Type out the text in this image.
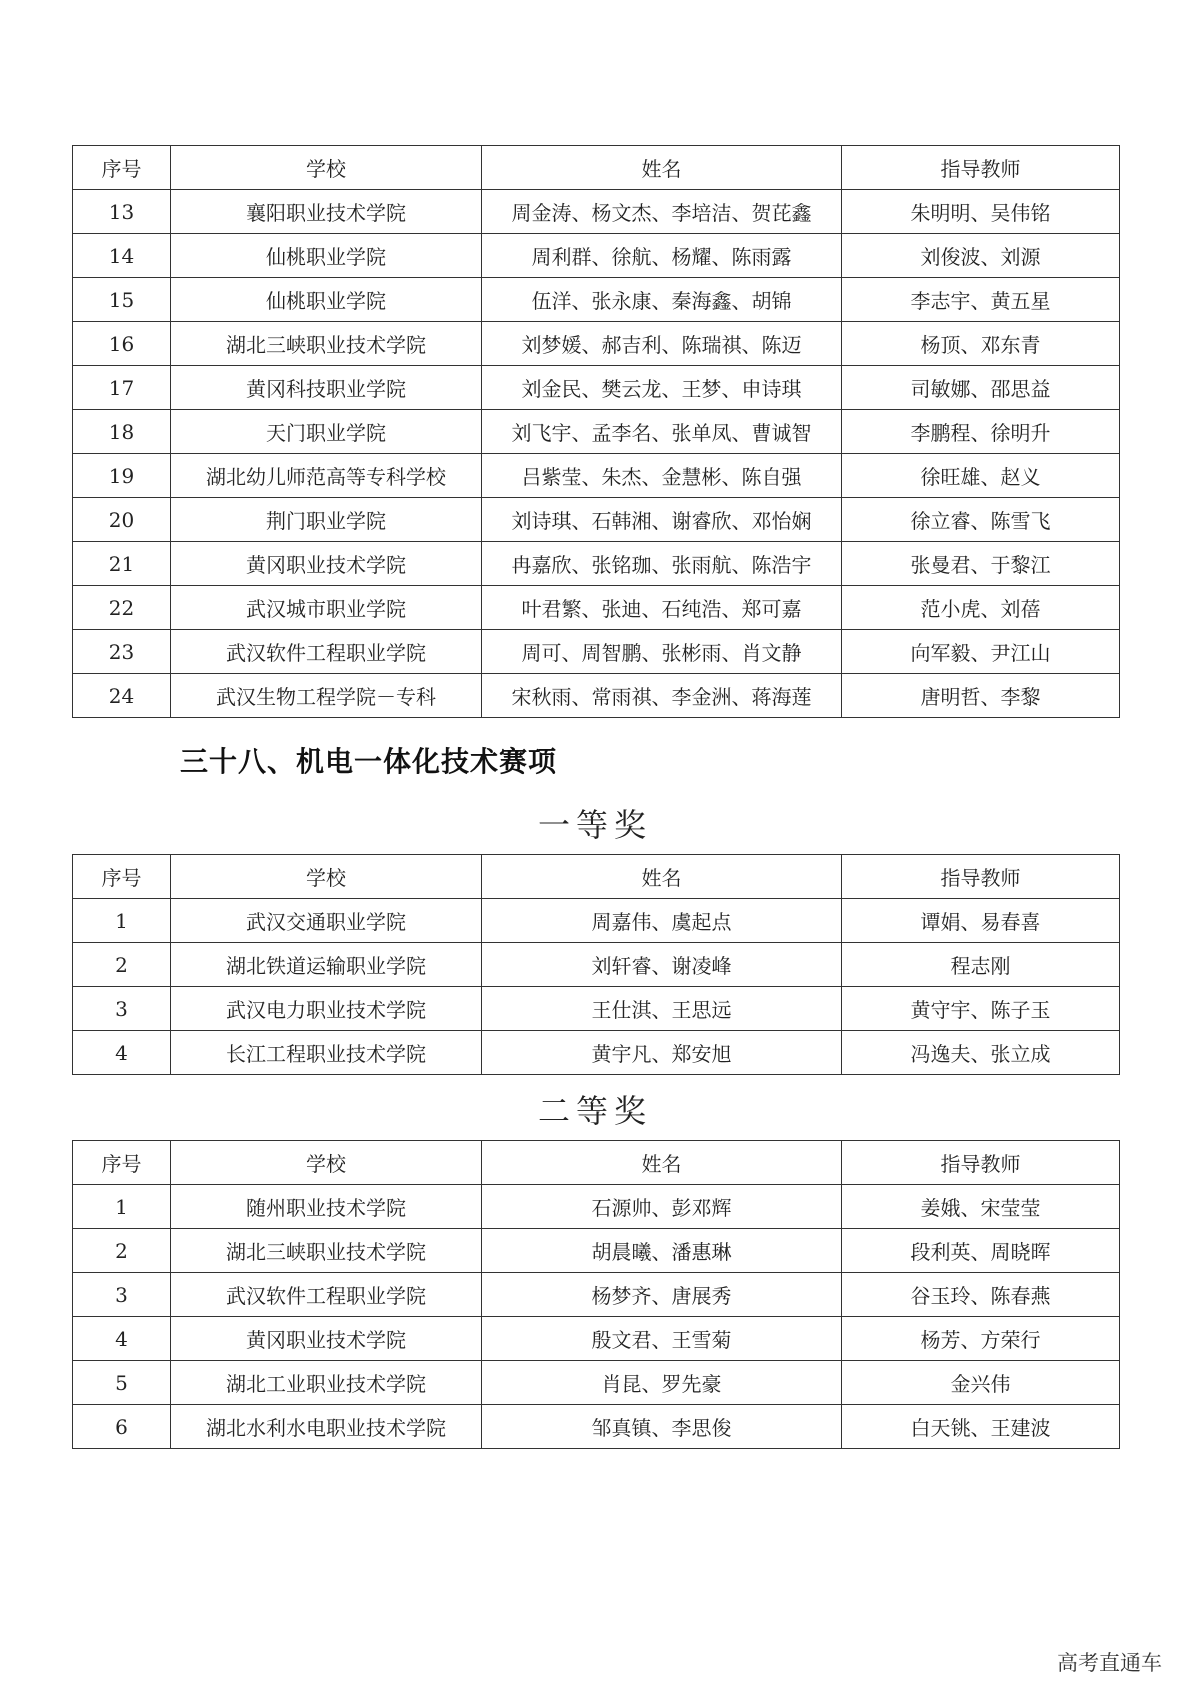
序号	学校	姓名	指导教师
13	襄阳职业技术学院	周金涛、杨文杰、李培洁、贺芘鑫	朱明明、吴伟铭
14	仙桃职业学院	周利群、徐航、杨耀、陈雨露	刘俊波、刘源
15	仙桃职业学院	伍洋、张永康、秦海鑫、胡锦	李志宇、黄五星
16	湖北三峡职业技术学院	刘梦媛、郝吉利、陈瑞祺、陈迈	杨顶、邓东青
17	黄冈科技职业学院	刘金民、樊云龙、王梦、申诗琪	司敏娜、邵思益
18	天门职业学院	刘飞宇、孟李名、张单凤、曹诚智	李鹏程、徐明升
19	湖北幼儿师范高等专科学校	吕紫莹、朱杰、金慧彬、陈自强	徐旺雄、赵义
20	荆门职业学院	刘诗琪、石韩湘、谢睿欣、邓怡娴	徐立睿、陈雪飞
21	黄冈职业技术学院	冉嘉欣、张铭珈、张雨航、陈浩宇	张曼君、于黎江
22	武汉城市职业学院	叶君繁、张迪、石纯浩、郑可嘉	范小虎、刘蓓
23	武汉软件工程职业学院	周可、周智鹏、张彬雨、肖文静	向军毅、尹江山
24	武汉生物工程学院－专科	宋秋雨、常雨祺、李金洲、蒋海莲	唐明哲、李黎
三十八、机电一体化技术赛项
一等奖
序号	学校	姓名	指导教师
1	武汉交通职业学院	周嘉伟、虞起点	谭娟、易春喜
2	湖北铁道运输职业学院	刘轩睿、谢凌峰	程志刚
3	武汉电力职业技术学院	王仕淇、王思远	黄守宇、陈子玉
4	长江工程职业技术学院	黄宇凡、郑安旭	冯逸夫、张立成
二等奖
序号	学校	姓名	指导教师
1	随州职业技术学院	石源帅、彭邓辉	姜娥、宋莹莹
2	湖北三峡职业技术学院	胡晨曦、潘惠琳	段利英、周晓晖
3	武汉软件工程职业学院	杨梦齐、唐展秀	谷玉玲、陈春燕
4	黄冈职业技术学院	殷文君、王雪菊	杨芳、方荣行
5	湖北工业职业技术学院	肖昆、罗先豪	金兴伟
6	湖北水利水电职业技术学院	邹真镇、李思俊	白天铫、王建波
高考直通车
